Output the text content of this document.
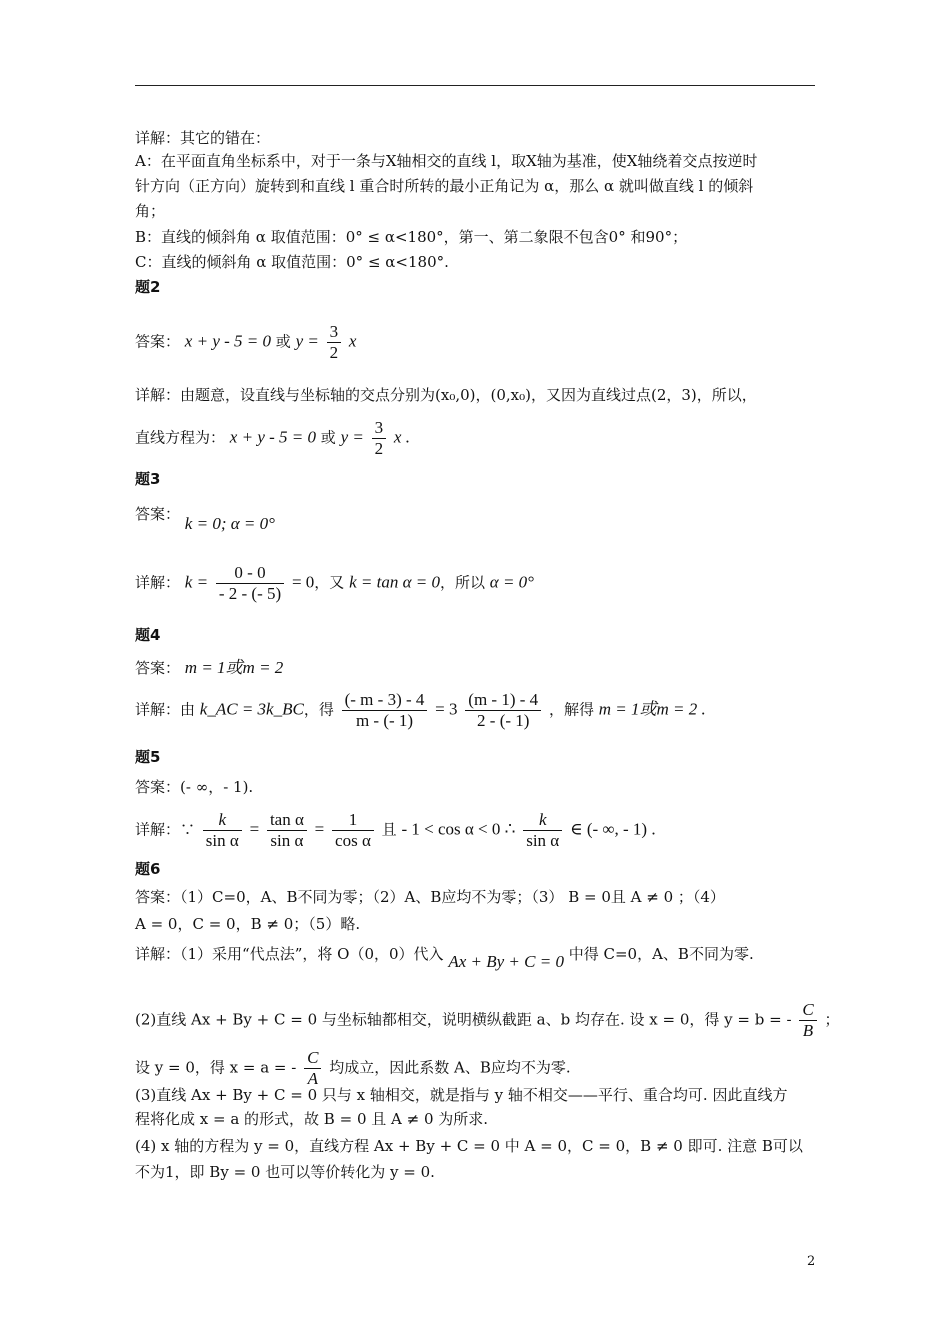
详解：其它的错在：
A：在平面直角坐标系中，对于一条与X轴相交的直线 l，取X轴为基准，使X轴绕着交点按逆时
针方向（正方向）旋转到和直线 l 重合时所转的最小正角记为 α，那么 α 就叫做直线 l 的倾斜
角；
B：直线的倾斜角 α 取值范围：0° ≤ α<180°，第一、第二象限不包含0° 和90°；
C：直线的倾斜角 α 取值范围：0° ≤ α<180°.
题2
答案： x + y - 5 = 0 或 $y = \frac{3}{2}$ x
详解：由题意，设直线与坐标轴的交点分别为(x₀,0)，(0,x₀)，又因为直线过点(2，3)，所以，
直线方程为： x + y - 5 = 0 或 $y = \frac{3}{2}$ x .
题3
答案： k = 0; α = 0°
详解： $k = \frac{0 - 0}{- 2 - (- 5)} = 0$，又 k = tan α = 0，所以 α = 0°
题4
答案： m = 1或m = 2
详解：由 k_AC = 3k_BC，得 $\frac{(- m - 3) - 4}{m - (- 1)} = 3 \frac{(m - 1) - 4}{2 - (- 1)}$ ，解得 m = 1或m = 2 .
题5
答案：(- ∞，- 1).
详解：∵ $\frac{k}{\text{sin α}} = \frac{\text{tan α}}{\text{sin α}} = \frac{1}{\text{cos α}}$ 且 - 1 < cos α < 0 ∴ $\frac{k}{\text{sin α}}$ ∈ (- ∞, - 1) .
题6
答案：（1）C=0，A、B不同为零；（2）A、B应均不为零；（3） B = 0且 A ≠ 0 ；（4）
A = 0，C = 0，B ≠ 0；（5）略.
详解：（1）采用“代点法”，将 O（0，0）代入 Ax + By + C = 0 中得 C=0，A、B不同为零.
(2)直线 Ax + By + C = 0 与坐标轴都相交，说明横纵截距 a、b 均存在. 设 x = 0，得 y = b = - $\frac{C}{B}$ ；
设 y = 0，得 x = a = - $\frac{C}{A}$ 均成立，因此系数 A、B应均不为零.
(3)直线 Ax + By + C = 0 只与 x 轴相交，就是指与 y 轴不相交——平行、重合均可. 因此直线方
程将化成 x = a 的形式，故 B = 0 且 A ≠ 0 为所求.
(4) x 轴的方程为 y = 0，直线方程 Ax + By + C = 0 中 A = 0，C = 0，B ≠ 0 即可. 注意 B可以
不为1，即 By = 0 也可以等价转化为 y = 0.
2
